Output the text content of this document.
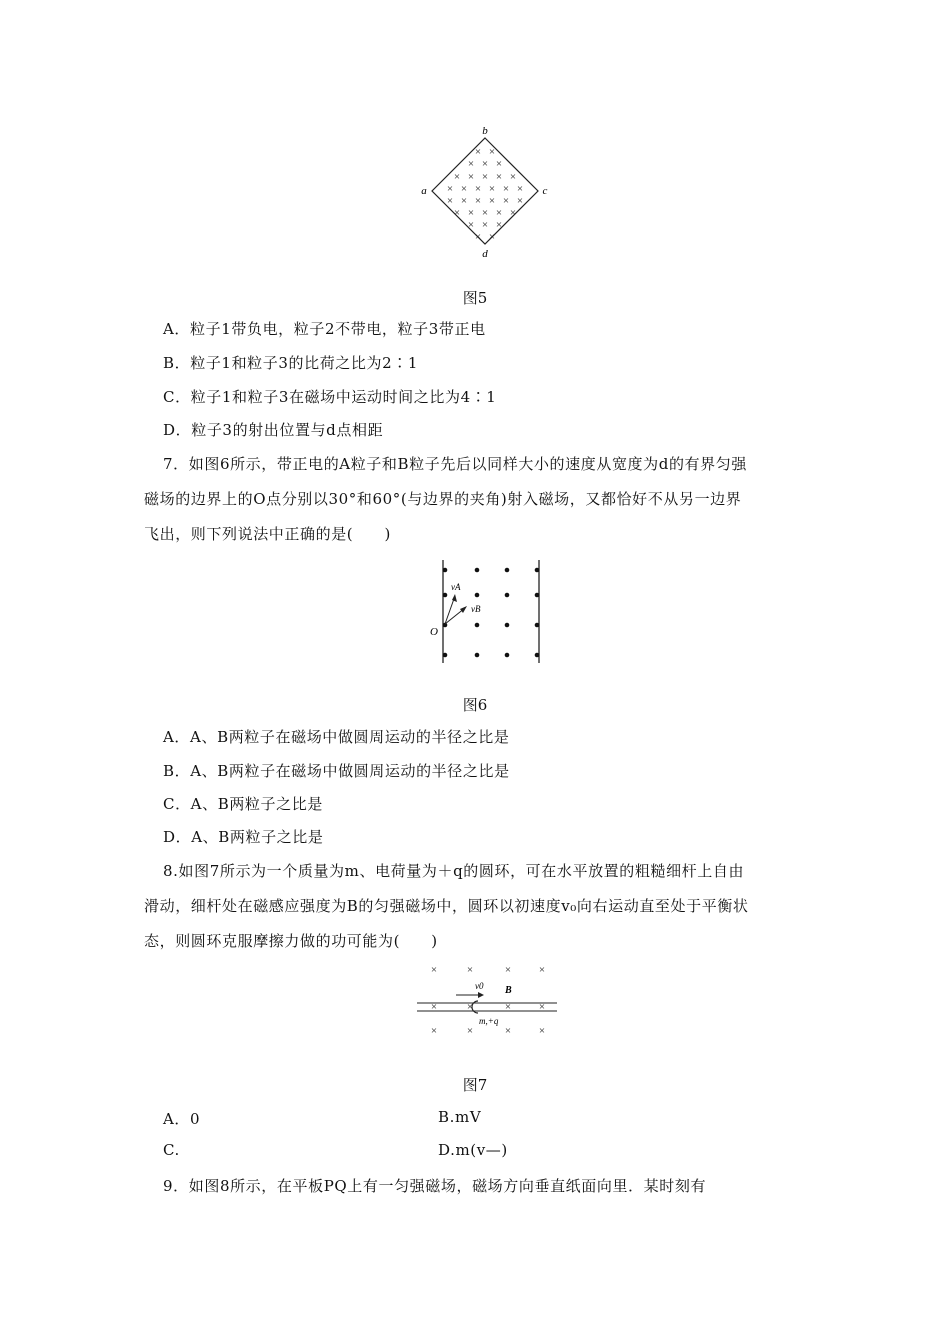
× ×
× × ×
× × × × ×
× × × × × ×
× × × × × ×
× × × × ×
× × ×
× ×
b
a	c
d
图5
A．粒子1带负电，粒子2不带电，粒子3带正电
B．粒子1和粒子3的比荷之比为2∶1
C．粒子1和粒子3在磁场中运动时间之比为4∶1
D．粒子3的射出位置与d点相距
7．如图6所示，带正电的A粒子和B粒子先后以同样大小的速度从宽度为d的有界匀强
磁场的边界上的O点分别以30°和60°(与边界的夹角)射入磁场，又都恰好不从另一边界
飞出，则下列说法中正确的是(　　)
vA
vB
O
图6
A．A、B两粒子在磁场中做圆周运动的半径之比是
B．A、B两粒子在磁场中做圆周运动的半径之比是
C．A、B两粒子之比是
D．A、B两粒子之比是
8.如图7所示为一个质量为m、电荷量为＋q的圆环，可在水平放置的粗糙细杆上自由
滑动，细杆处在磁感应强度为B的匀强磁场中，圆环以初速度v₀向右运动直至处于平衡状
态，则圆环克服摩擦力做的功可能为(　　)
×	×	×	×
×	×	×	×
×	×	×	×
v0 B
m,+q
图7
A．0	B.mV
C.	D.m(v—)
9．如图8所示，在平板PQ上有一匀强磁场，磁场方向垂直纸面向里．某时刻有
